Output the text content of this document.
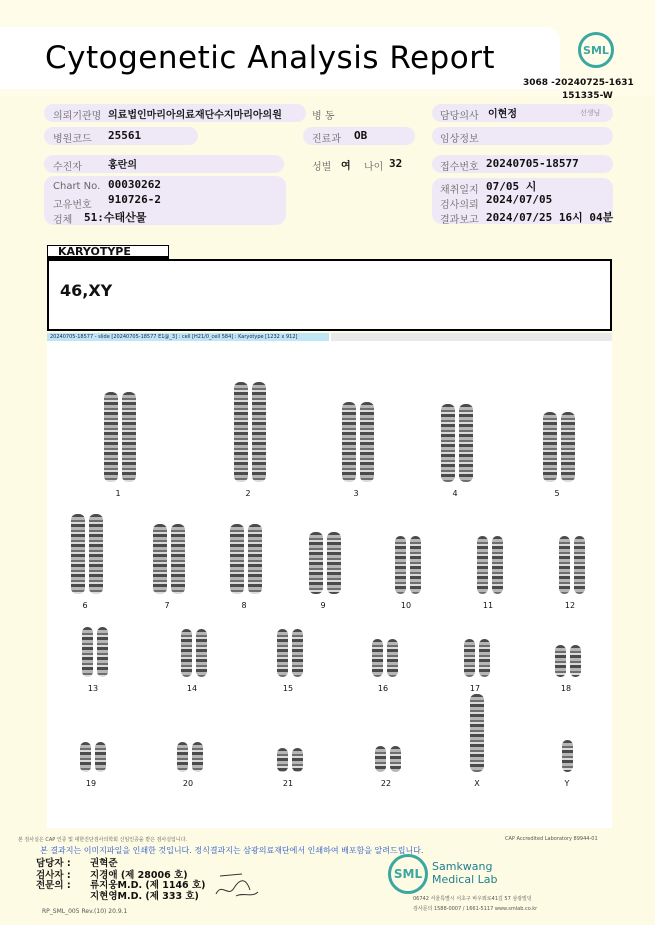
Cytogenetic Analysis Report	SML
3068 -20240725-1631
151335-W
의뢰기관명 의료법인마리아의료재단수지마리아의원	병 동	담당의사 이현정	선생님
병원코드 25561	진료과 OB	임상정보
수진자	홍란의	성별 여 나이 32	접수번호 20240705-18577
Chart No. 00030262
고유번호 910726-2
검체 51:수태산물
채취일지 07/05 시
검사의뢰 2024/07/05
결과보고 2024/07/25 16시 04분
KARYOTYPE
46,XY
20240705-18577 - slide [20240705-18577 E1@_3] : cell [H21/0_cell 584] : Karyotype [1232 x 912]
1	2	3	4	5
6	7	8	9	10	11	12
13	14	15	16	17	18
19	20	21	22	X	Y
본 검사실은 CAP 인증 및 대한진단검사의학회 신임인증을 받은 검사실입니다.	CAP Accredited Laboratory 89944-01
본 결과지는 이미지파일을 인쇄한 것입니다. 정식결과지는 삼광의료재단에서 인쇄하여 배포함을 알려드립니다.
담당자 : 권혁준
검사자 : 지경애 (제 28006 호)
전문의 : 류지웅M.D. (제 1146 호)
지현영M.D. (제 333 호)
SML
Samkwang
Medical Lab
06742 서울특별시 서초구 바우뫼로41길 57 삼광빌딩
검사문의 1588-0007 / 1661-5117 www.smlab.co.kr
RP_SML_005 Rev.(10) 20.9.1
